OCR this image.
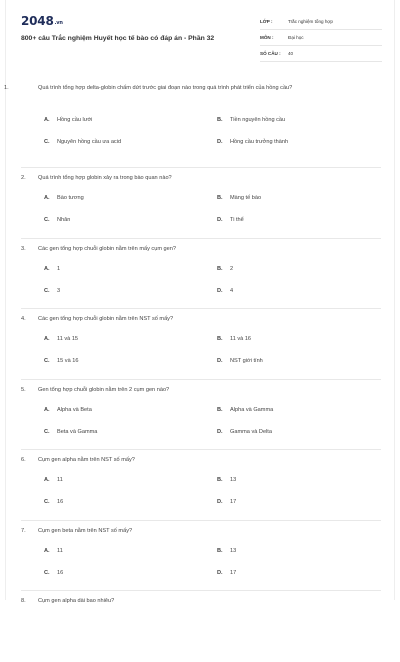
2048.vn
800+ câu Trắc nghiệm Huyết học tế bào có đáp án - Phần 32
LỚP :	Trắc nghiệm tổng hợp
MÔN :	Đại học
SỐ CÂU :	40
1.	Quá trình tổng hợp delta-globin chấm dứt trước giai đoạn nào trong quá trình phát triển của hồng cầu?
A. Hồng cầu lưới	B. Tiền nguyên hồng cầu
C. Nguyên hồng cầu ưa acid	D. Hồng cầu trưởng thành
2. Quá trình tổng hợp globin xảy ra trong bào quan nào?
A. Bào tương	B. Màng tế bào
C. Nhân	D. Ti thể
3. Các gen tổng hợp chuỗi globin nằm trên mấy cụm gen?
A. 1	B. 2
C. 3	D. 4
4. Các gen tổng hợp chuỗi globin nằm trên NST số mấy?
A. 11 và 15	B. 11 và 16
C. 15 và 16	D. NST giới tính
5. Gen tổng hợp chuỗi globin nằm trên 2 cụm gen nào?
A. Alpha và Beta	B. Alpha và Gamma
C. Beta và Gamma	D. Gamma và Delta
6. Cụm gen alpha nằm trên NST số mấy?
A. 11	B. 13
C. 16	D. 17
7. Cụm gen beta nằm trên NST số mấy?
A. 11	B. 13
C. 16	D. 17
8. Cụm gen alpha dài bao nhiêu?
